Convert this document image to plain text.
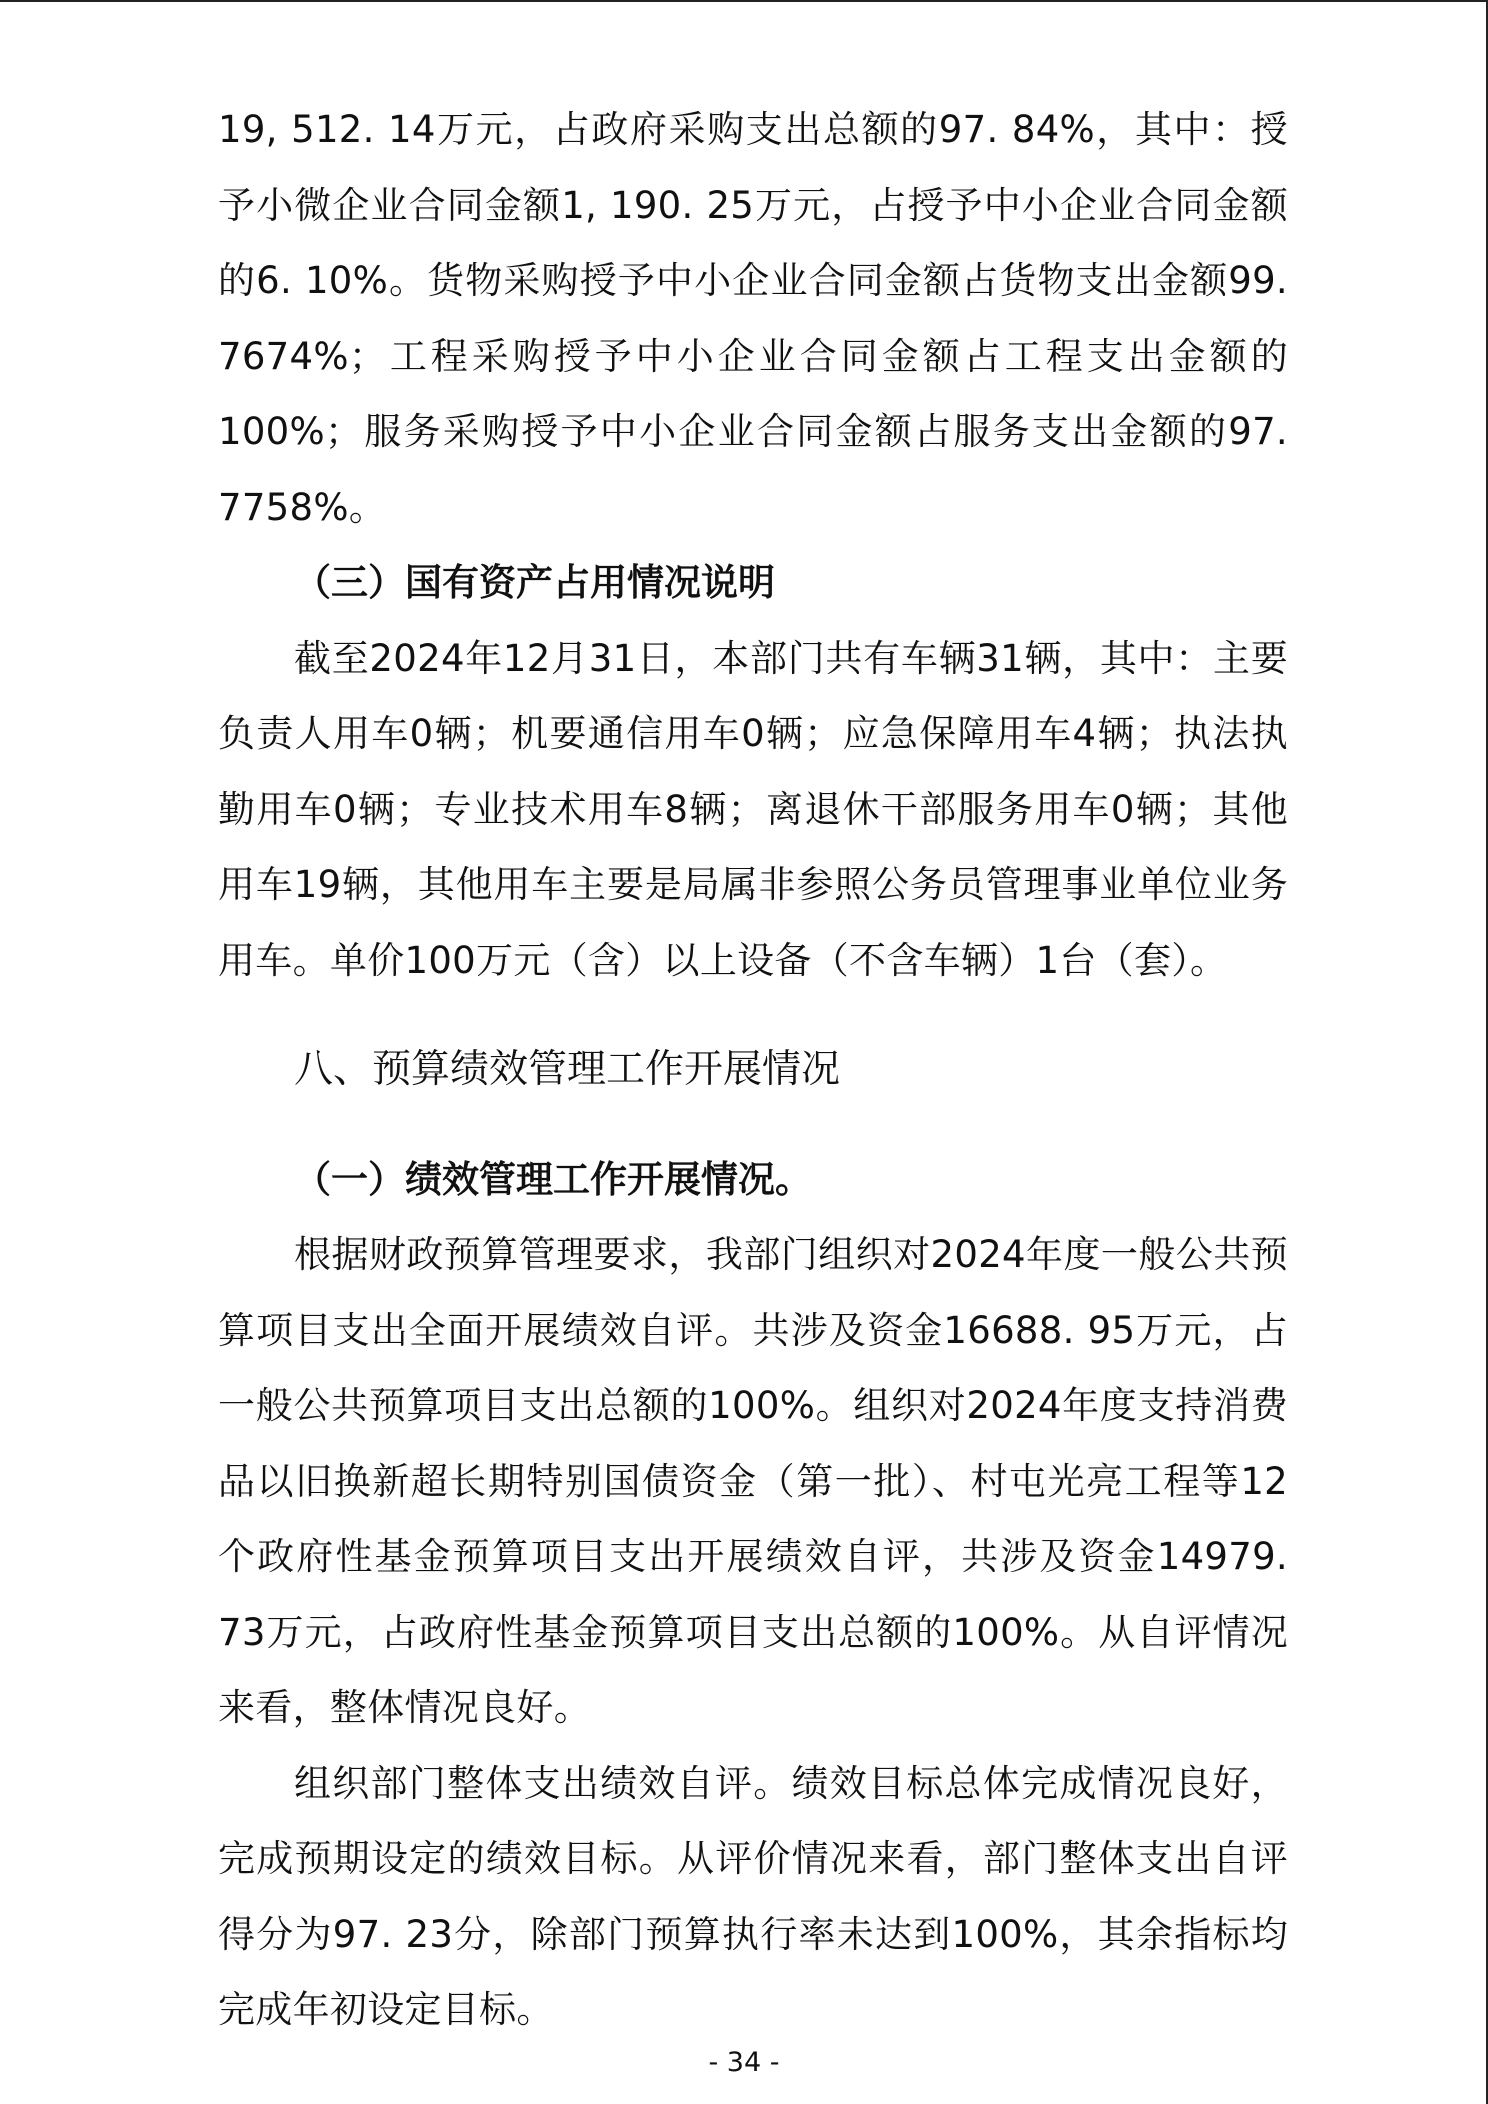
19, 512. 14万元，占政府采购支出总额的97. 84%，其中：授予小微企业合同金额1, 190. 25万元，占授予中小企业合同金额的6. 10%。货物采购授予中小企业合同金额占货物支出金额99. 7674%；工程采购授予中小企业合同金额占工程支出金额的100%；服务采购授予中小企业合同金额占服务支出金额的97. 7758%。

（三）国有资产占用情况说明

截至2024年12月31日，本部门共有车辆31辆，其中：主要负责人用车0辆；机要通信用车0辆；应急保障用车4辆；执法执勤用车0辆；专业技术用车8辆；离退休干部服务用车0辆；其他用车19辆，其他用车主要是局属非参照公务员管理事业单位业务用车。单价100万元（含）以上设备（不含车辆）1台（套）。

八、预算绩效管理工作开展情况

（一）绩效管理工作开展情况。

根据财政预算管理要求，我部门组织对2024年度一般公共预算项目支出全面开展绩效自评。共涉及资金16688. 95万元，占一般公共预算项目支出总额的100%。组织对2024年度支持消费品以旧换新超长期特别国债资金（第一批）、村屯光亮工程等12个政府性基金预算项目支出开展绩效自评，共涉及资金14979. 73万元，占政府性基金预算项目支出总额的100%。从自评情况来看，整体情况良好。

组织部门整体支出绩效自评。绩效目标总体完成情况良好，完成预期设定的绩效目标。从评价情况来看，部门整体支出自评得分为97. 23分，除部门预算执行率未达到100%，其余指标均完成年初设定目标。

- 34 -
